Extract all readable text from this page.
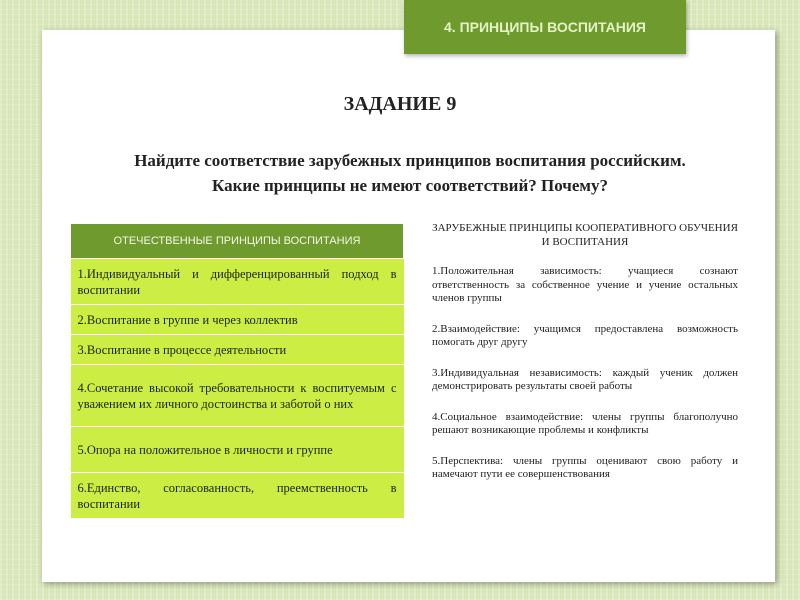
4. ПРИНЦИПЫ ВОСПИТАНИЯ
ЗАДАНИЕ 9
Найдите соответствие зарубежных принципов воспитания российским.
Какие принципы не имеют соответствий? Почему?
ОТЕЧЕСТВЕННЫЕ ПРИНЦИПЫ ВОСПИТАНИЯ
1.Индивидуальный и дифференцированный подход в воспитании
2.Воспитание в группе и через коллектив
3.Воспитание в процессе деятельности
4.Сочетание высокой требовательности к воспитуемым с уважением их личного достоинства и заботой о них
5.Опора на положительное в личности и группе
6.Единство, согласованность, преемственность в воспитании
ЗАРУБЕЖНЫЕ ПРИНЦИПЫ КООПЕРАТИВНОГО ОБУЧЕНИЯ И ВОСПИТАНИЯ
1.Положительная зависимость: учащиеся сознают ответственность за собственное учение и учение остальных членов группы
2.Взаимодействие: учащимся предоставлена возможность помогать друг другу
3.Индивидуальная независимость: каждый ученик должен демонстрировать результаты своей работы
4.Социальное взаимодействие: члены группы благополучно решают возникающие проблемы и конфликты
5.Перспектива: члены группы оценивают свою работу и намечают пути ее совершенствования
